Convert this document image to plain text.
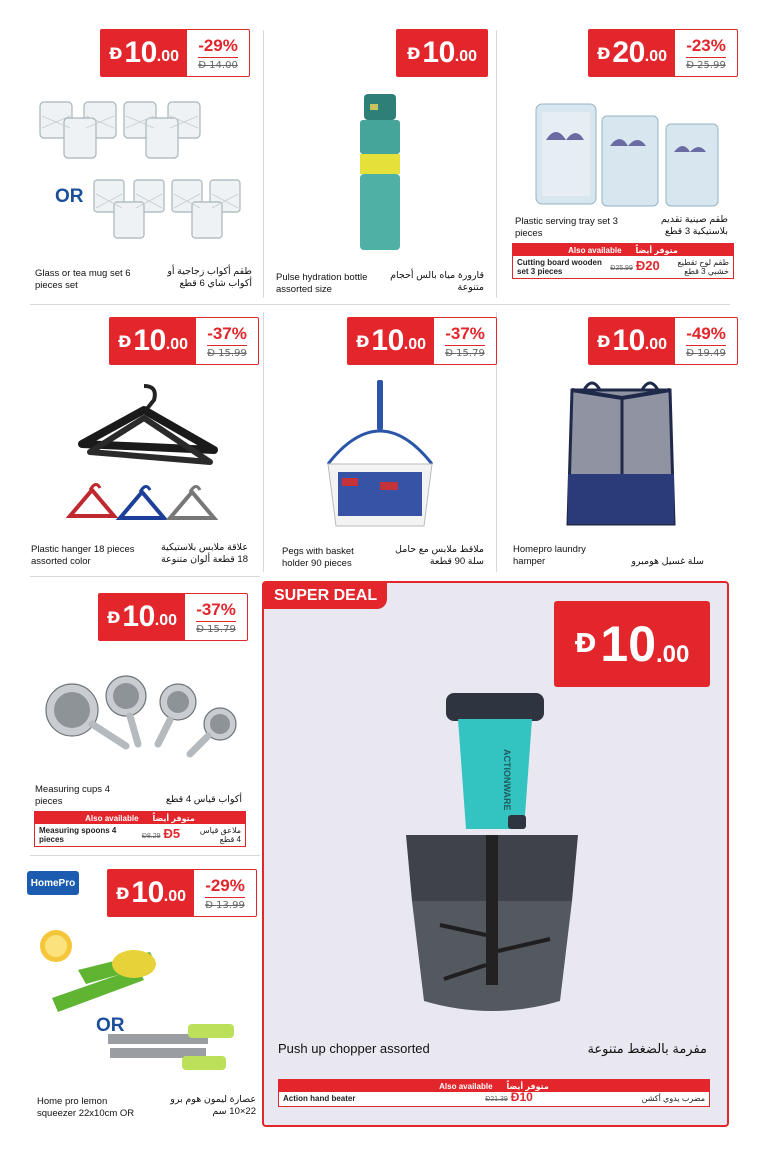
Đ 10 .00
-29%
Đ 14.00
OR
Glass or tea mug set 6 pieces set
طقم أكواب زجاجية أو أكواب شاي 6 قطع
Đ 10 .00
Pulse hydration bottle assorted size
قارورة مياه بالس أحجام متنوعة
Đ 20 .00
-23%
Đ 25.99
Plastic serving tray set 3 pieces
طقم صينية تقديم بلاستيكية 3 قطع
Also available متوفر أيضاً
Cutting board wooden set 3 pieces	Đ25.99 Đ20	طقم لوح تقطيع خشبي 3 قطع
Đ 10 .00
-37%
Đ 15.99
Plastic hanger 18 pieces assorted color
علاقة ملابس بلاستيكية 18 قطعة ألوان متنوعة
Đ 10 .00
-37%
Đ 15.79
Pegs with basket holder 90 pieces
ملاقط ملابس مع حامل سلة 90 قطعة
Đ 10 .00
-49%
Đ 19.49
Homepro laundry hamper	سلة غسيل هومبرو
Đ 10 .00
-37%
Đ 15.79
Measuring cups 4 pieces	أكواب قياس 4 قطع
Also available متوفر أيضاً
Measuring spoons 4 pieces	Đ8.29 Đ5	ملاعق قياس 4 قطع
HomePro
Đ 10 .00
-29%
Đ 13.99
OR
Home pro lemon squeezer 22x10cm OR
عصارة ليمون هوم برو 22×10 سم
SUPER DEAL
Đ 10 .00
ACTIONWARE
Push up chopper assorted	مفرمة بالضغط متنوعة
Also available متوفر أيضاً
Action hand beater	Đ21.39 Đ10	مضرب يدوي أكشن
